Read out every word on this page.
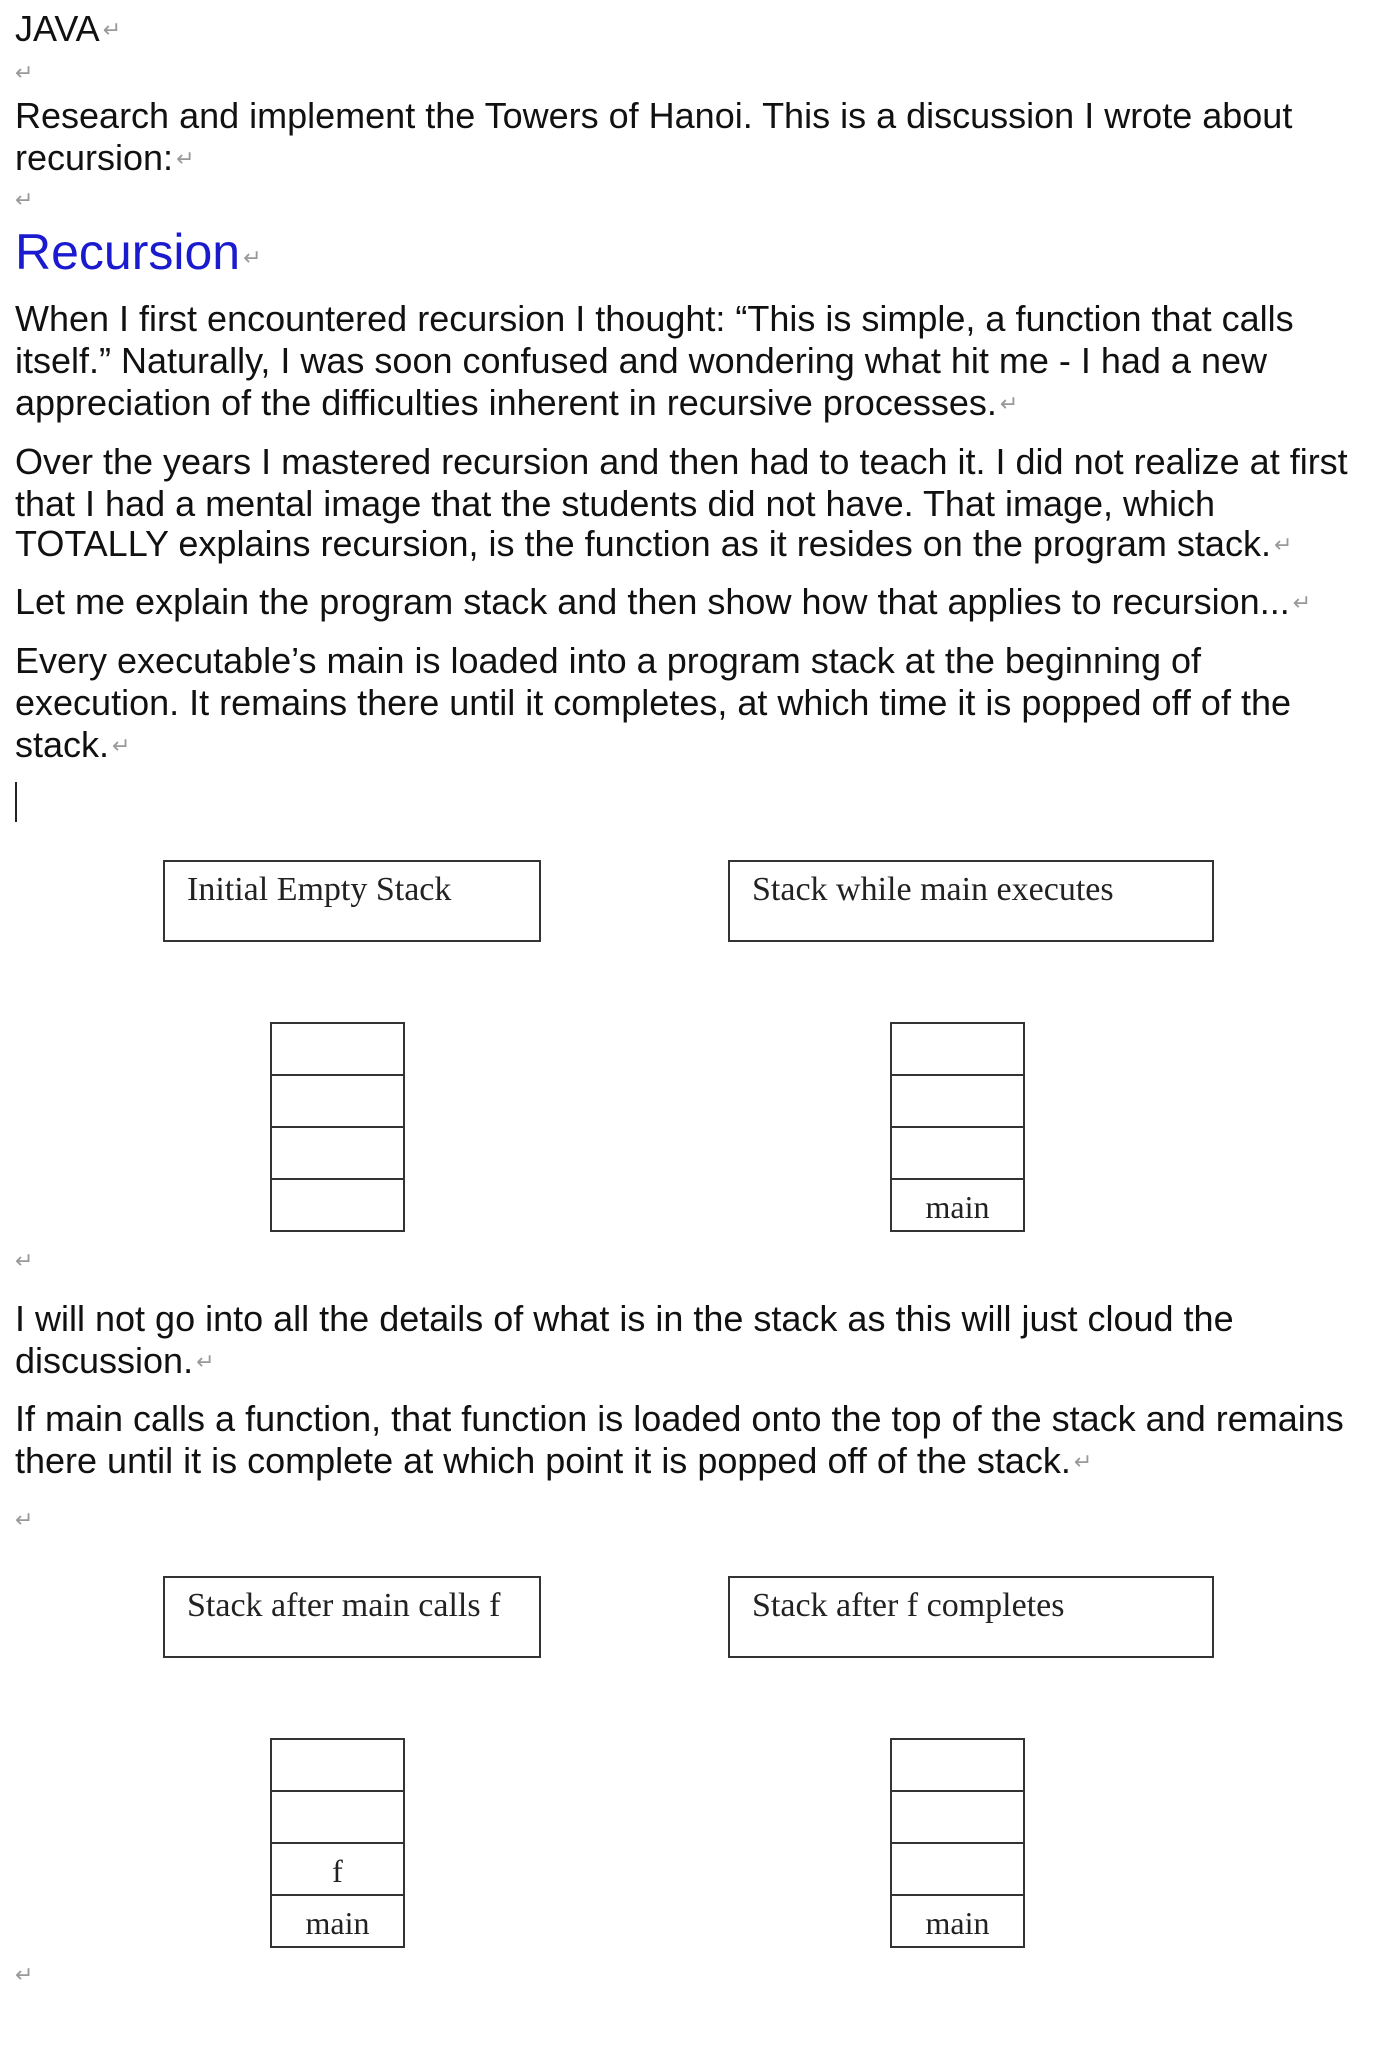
JAVA ↵
↵
Research and implement the Towers of Hanoi. This is a discussion I wrote about
recursion: ↵
↵
Recursion ↵
When I first encountered recursion I thought: “This is simple, a function that calls
itself.” Naturally, I was soon confused and wondering what hit me - I had a new
appreciation of the difficulties inherent in recursive processes. ↵
Over the years I mastered recursion and then had to teach it. I did not realize at first
that I had a mental image that the students did not have. That image, which
TOTALLY explains recursion, is the function as it resides on the program stack. ↵
Let me explain the program stack and then show how that applies to recursion... ↵
Every executable’s main is loaded into a program stack at the beginning of
execution. It remains there until it completes, at which time it is popped off of the
stack. ↵
Initial Empty Stack	Stack while main executes
main
↵
I will not go into all the details of what is in the stack as this will just cloud the
discussion. ↵
If main calls a function, that function is loaded onto the top of the stack and remains
there until it is complete at which point it is popped off of the stack. ↵
↵
Stack after main calls f	Stack after f completes
f
main	main
↵
